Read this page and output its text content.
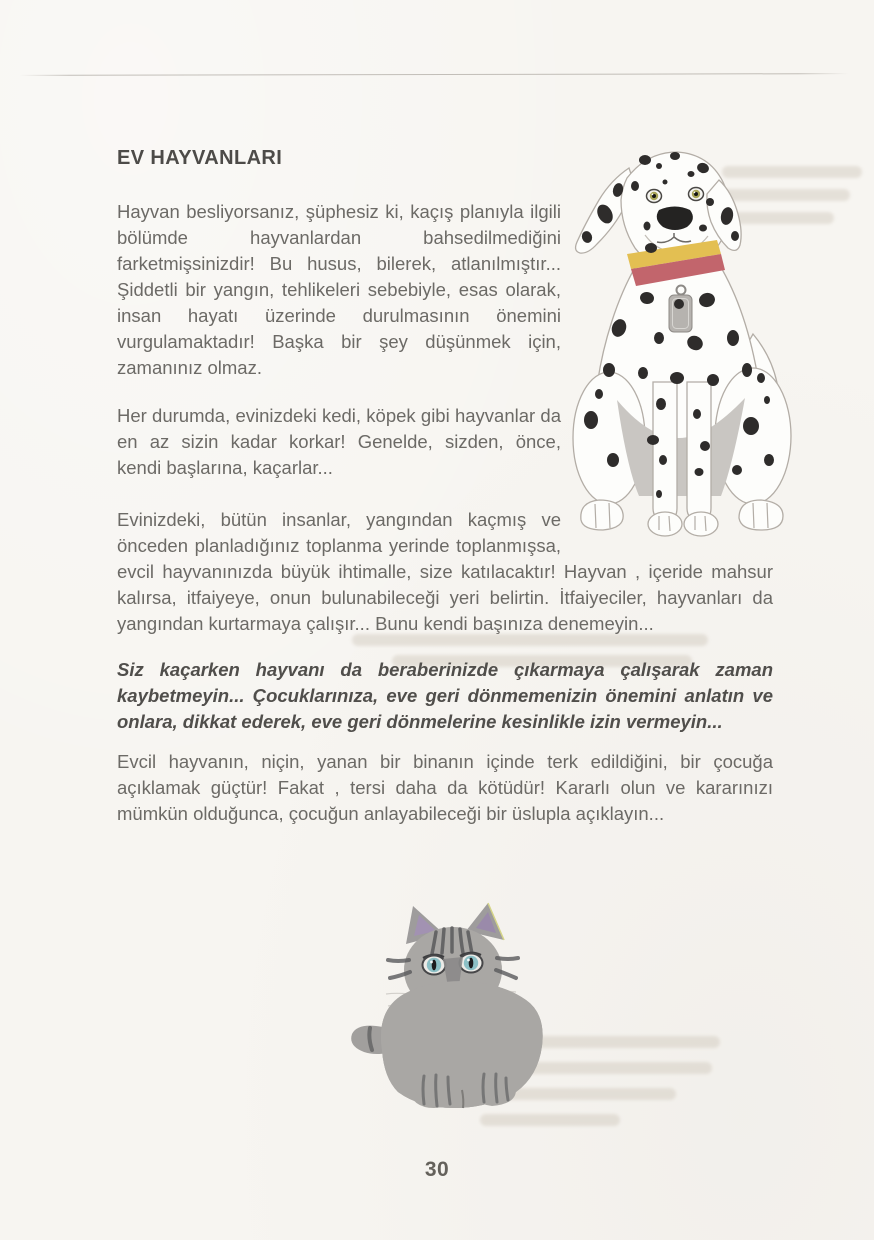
EV HAYVANLARI

Hayvan besliyorsanız, şüphesiz ki, kaçış planıyla ilgili bölümde hayvanlardan bahsedilmediğini farketmişsinizdir! Bu husus, bilerek, atlanılmıştır... Şiddetli bir yangın, tehlikeleri sebebiyle, esas olarak, insan hayatı üzerinde durulmasının önemini vurgulamaktadır! Başka bir şey düşünmek için, zamanınız olmaz.

Her durumda, evinizdeki kedi, köpek gibi hayvanlar da en az sizin kadar korkar! Genelde, sizden, önce, kendi başlarına, kaçarlar...

Evinizdeki, bütün insanlar, yangından kaçmış ve önceden planladığınız toplanma yerinde toplanmışsa, evcil hayvanınızda büyük ihtimalle, size katılacaktır! Hayvan , içeride mahsur kalırsa, itfaiyeye, onun bulunabileceği yeri belirtin. İtfaiyeciler, hayvanları da yangından kurtarmaya çalışır... Bunu kendi başınıza denemeyin...

Siz kaçarken hayvanı da beraberinizde çıkarmaya çalışarak zaman kaybetmeyin... Çocuklarınıza, eve geri dönmemenizin önemini anlatın ve onlara, dikkat ederek, eve geri dönmelerine kesinlikle izin vermeyin...

Evcil hayvanın, niçin, yanan bir binanın içinde terk edildiğini, bir çocuğa açıklamak güçtür! Fakat , tersi daha da kötüdür! Kararlı olun ve kararınızı mümkün olduğunca, çocuğun anlayabileceği bir üslupla açıklayın...

30
